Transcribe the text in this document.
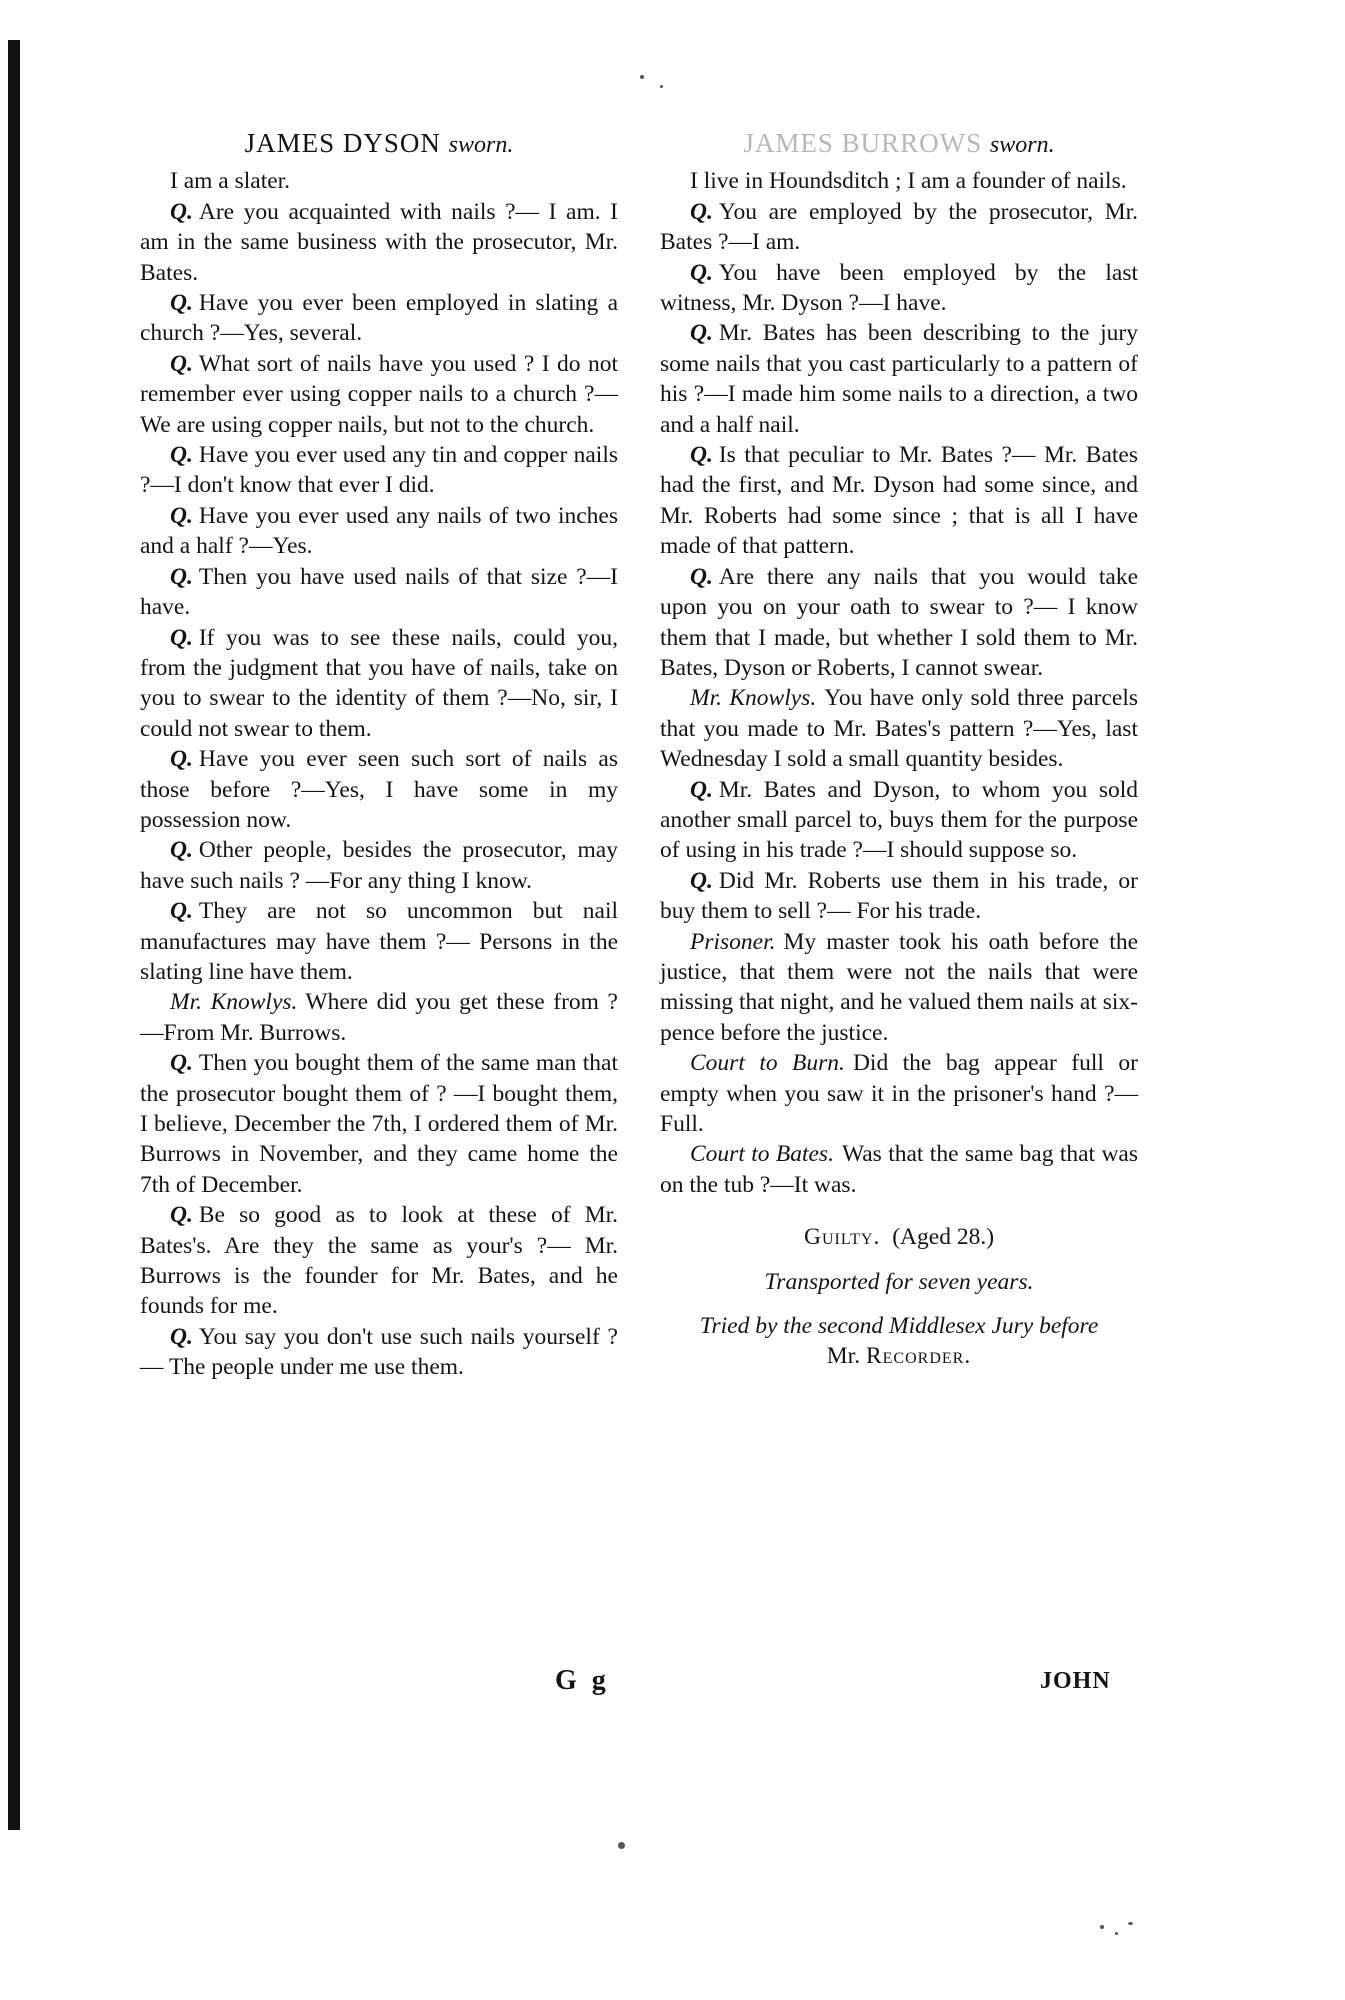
JAMES DYSON sworn.

I am a slater.

Q. Are you acquainted with nails ?— I am. I am in the same business with the prosecutor, Mr. Bates.

Q. Have you ever been employed in slating a church ?—Yes, several.

Q. What sort of nails have you used ? I do not remember ever using copper nails to a church ?—We are using copper nails, but not to the church.

Q. Have you ever used any tin and copper nails ?—I don't know that ever I did.

Q. Have you ever used any nails of two inches and a half ?—Yes.

Q. Then you have used nails of that size ?—I have.

Q. If you was to see these nails, could you, from the judgment that you have of nails, take on you to swear to the identity of them ?—No, sir, I could not swear to them.

Q. Have you ever seen such sort of nails as those before ?—Yes, I have some in my possession now.

Q. Other people, besides the prosecutor, may have such nails ? —For any thing I know.

Q. They are not so uncommon but nail manufactures may have them ?— Persons in the slating line have them.

Mr. Knowlys. Where did you get these from ?—From Mr. Burrows.

Q. Then you bought them of the same man that the prosecutor bought them of ? —I bought them, I believe, December the 7th, I ordered them of Mr. Burrows in November, and they came home the 7th of December.

Q. Be so good as to look at these of Mr. Bates's. Are they the same as your's ?— Mr. Burrows is the founder for Mr. Bates, and he founds for me.

Q. You say you don't use such nails yourself ?— The people under me use them.

JAMES BURROWS sworn.

I live in Houndsditch ; I am a founder of nails.

Q. You are employed by the prosecutor, Mr. Bates ?—I am.

Q. You have been employed by the last witness, Mr. Dyson ?—I have.

Q. Mr. Bates has been describing to the jury some nails that you cast particularly to a pattern of his ?—I made him some nails to a direction, a two and a half nail.

Q. Is that peculiar to Mr. Bates ?— Mr. Bates had the first, and Mr. Dyson had some since, and Mr. Roberts had some since ; that is all I have made of that pattern.

Q. Are there any nails that you would take upon you on your oath to swear to ?— I know them that I made, but whether I sold them to Mr. Bates, Dyson or Roberts, I cannot swear.

Mr. Knowlys. You have only sold three parcels that you made to Mr. Bates's pattern ?—Yes, last Wednesday I sold a small quantity besides.

Q. Mr. Bates and Dyson, to whom you sold another small parcel to, buys them for the purpose of using in his trade ?—I should suppose so.

Q. Did Mr. Roberts use them in his trade, or buy them to sell ?— For his trade.

Prisoner. My master took his oath before the justice, that them were not the nails that were missing that night, and he valued them nails at six-pence before the justice.

Court to Burn. Did the bag appear full or empty when you saw it in the prisoner's hand ?—Full.

Court to Bates. Was that the same bag that was on the tub ?—It was.

Guilty. (Aged 28.)

Transported for seven years.

Tried by the second Middlesex Jury before

Mr. Recorder.

G g	JOHN
